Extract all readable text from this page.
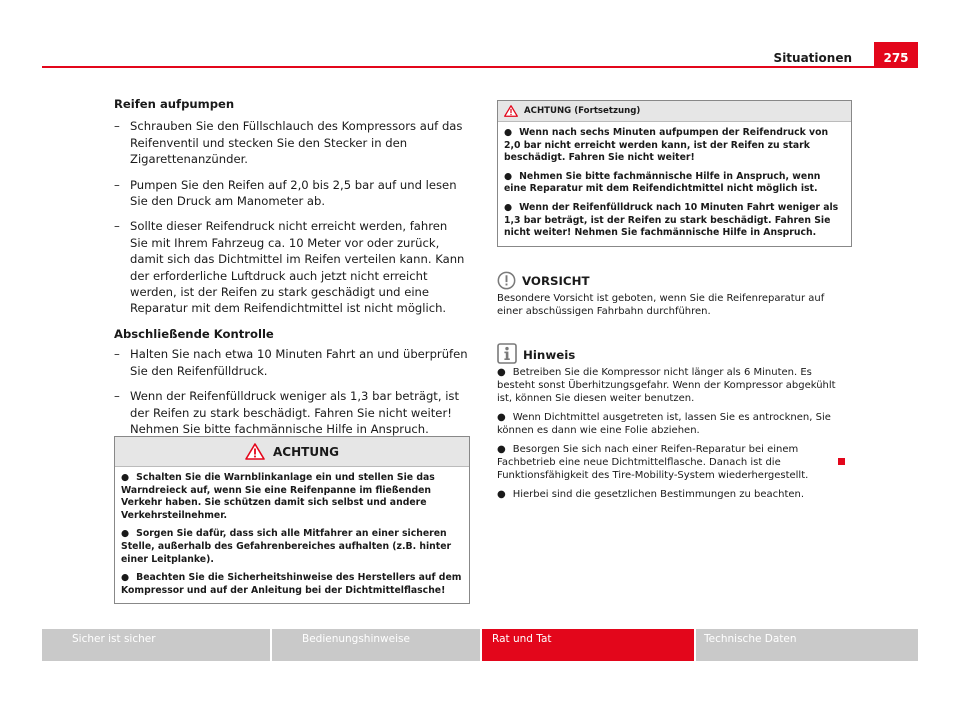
Situationen	275
Reifen aufpumpen
– Schrauben Sie den Füllschlauch des Kompressors auf das Reifenventil und stecken Sie den Stecker in den Zigarettenanzünder.
– Pumpen Sie den Reifen auf 2,0 bis 2,5 bar auf und lesen Sie den Druck am Manometer ab.
– Sollte dieser Reifendruck nicht erreicht werden, fahren Sie mit Ihrem Fahrzeug ca. 10 Meter vor oder zurück, damit sich das Dichtmittel im Reifen verteilen kann. Kann der erforderliche Luftdruck auch jetzt nicht erreicht werden, ist der Reifen zu stark geschädigt und eine Reparatur mit dem Reifendichtmittel ist nicht möglich.
Abschließende Kontrolle
– Halten Sie nach etwa 10 Minuten Fahrt an und überprüfen Sie den Reifenfülldruck.
– Wenn der Reifenfülldruck weniger als 1,3 bar beträgt, ist der Reifen zu stark beschädigt. Fahren Sie nicht weiter! Nehmen Sie bitte fachmännische Hilfe in Anspruch.
ACHTUNG

● Schalten Sie die Warnblinkanlage ein und stellen Sie das Warndreieck auf, wenn Sie eine Reifenpanne im fließenden Verkehr haben. Sie schützen damit sich selbst und andere Verkehrsteilnehmer.

● Sorgen Sie dafür, dass sich alle Mitfahrer an einer sicheren Stelle, außerhalb des Gefahrenbereiches aufhalten (z.B. hinter einer Leitplanke).

● Beachten Sie die Sicherheitshinweise des Herstellers auf dem Kompressor und auf der Anleitung bei der Dichtmittelflasche!

ACHTUNG (Fortsetzung)

● Wenn nach sechs Minuten aufpumpen der Reifendruck von 2,0 bar nicht erreicht werden kann, ist der Reifen zu stark beschädigt. Fahren Sie nicht weiter!

● Nehmen Sie bitte fachmännische Hilfe in Anspruch, wenn eine Reparatur mit dem Reifendichtmittel nicht möglich ist.

● Wenn der Reifenfülldruck nach 10 Minuten Fahrt weniger als 1,3 bar beträgt, ist der Reifen zu stark beschädigt. Fahren Sie nicht weiter! Nehmen Sie fachmännische Hilfe in Anspruch.

VORSICHT

Besondere Vorsicht ist geboten, wenn Sie die Reifenreparatur auf einer abschüssigen Fahrbahn durchführen.

Hinweis

● Betreiben Sie die Kompressor nicht länger als 6 Minuten. Es besteht sonst Überhitzungsgefahr. Wenn der Kompressor abgekühlt ist, können Sie diesen weiter benutzen.

● Wenn Dichtmittel ausgetreten ist, lassen Sie es antrocknen, Sie können es dann wie eine Folie abziehen.

● Besorgen Sie sich nach einer Reifen-Reparatur bei einem Fachbetrieb eine neue Dichtmittelflasche. Danach ist die Funktionsfähigkeit des Tire-Mobility-System wiederhergestellt.

● Hierbei sind die gesetzlichen Bestimmungen zu beachten.

Sicher ist sicher	Bedienungshinweise	Rat und Tat	Technische Daten
